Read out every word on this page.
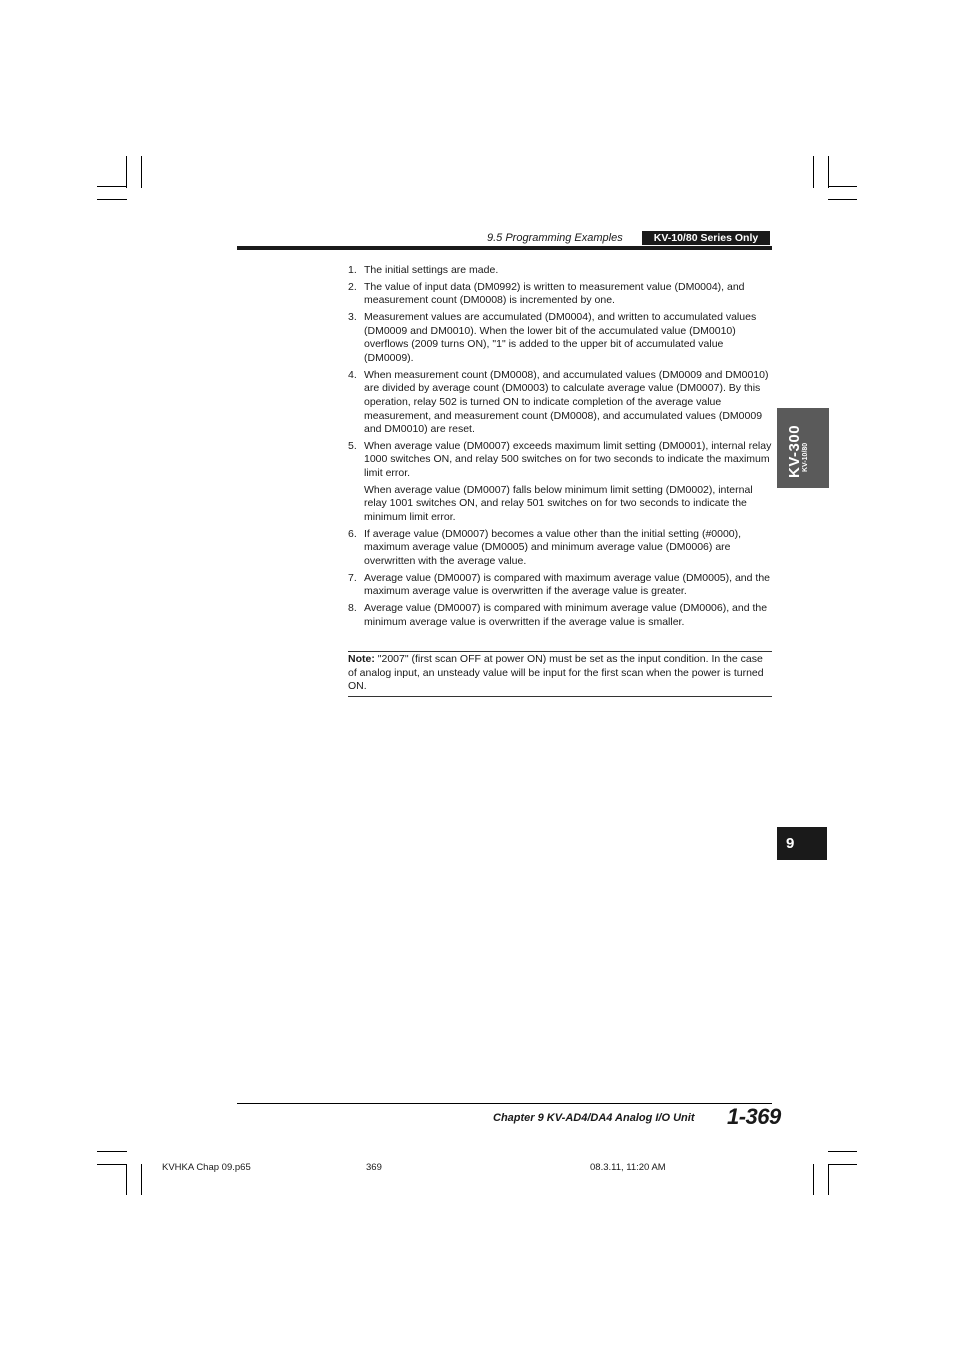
9.5 Programming Examples	KV-10/80 Series Only
1. The initial settings are made.

2. The value of input data (DM0992) is written to measurement value (DM0004), and measurement count (DM0008) is incremented by one.

3. Measurement values are accumulated (DM0004), and written to accumulated values (DM0009 and DM0010). When the lower bit of the accumulated value (DM0010) overflows (2009 turns ON), "1" is added to the upper bit of accumulated value (DM0009).

4. When measurement count (DM0008), and accumulated values (DM0009 and DM0010) are divided by average count (DM0003) to calculate average value (DM0007). By this operation, relay 502 is turned ON to indicate completion of the average value measurement, and measurement count (DM0008), and accumulated values (DM0009 and DM0010) are reset.

5. When average value (DM0007) exceeds maximum limit setting (DM0001), internal relay 1000 switches ON, and relay 500 switches on for two seconds to indicate the maximum limit error.

When average value (DM0007) falls below minimum limit setting (DM0002), internal relay 1001 switches ON, and relay 501 switches on for two seconds to indicate the minimum limit error.

6. If average value (DM0007) becomes a value other than the initial setting (#0000), maximum average value (DM0005) and minimum average value (DM0006) are overwritten with the average value.

7. Average value (DM0007) is compared with maximum average value (DM0005), and the maximum average value is overwritten if the average value is greater.

8. Average value (DM0007) is compared with minimum average value (DM0006), and the minimum average value is overwritten if the average value is smaller.

Note: "2007" (first scan OFF at power ON) must be set as the input condition. In the case of analog input, an unsteady value will be input for the first scan when the power is turned ON.
KV-300 KV-10/80
9
Chapter 9 KV-AD4/DA4 Analog I/O Unit 1-369
KVHKA Chap 09.p65	369	08.3.11, 11:20 AM
